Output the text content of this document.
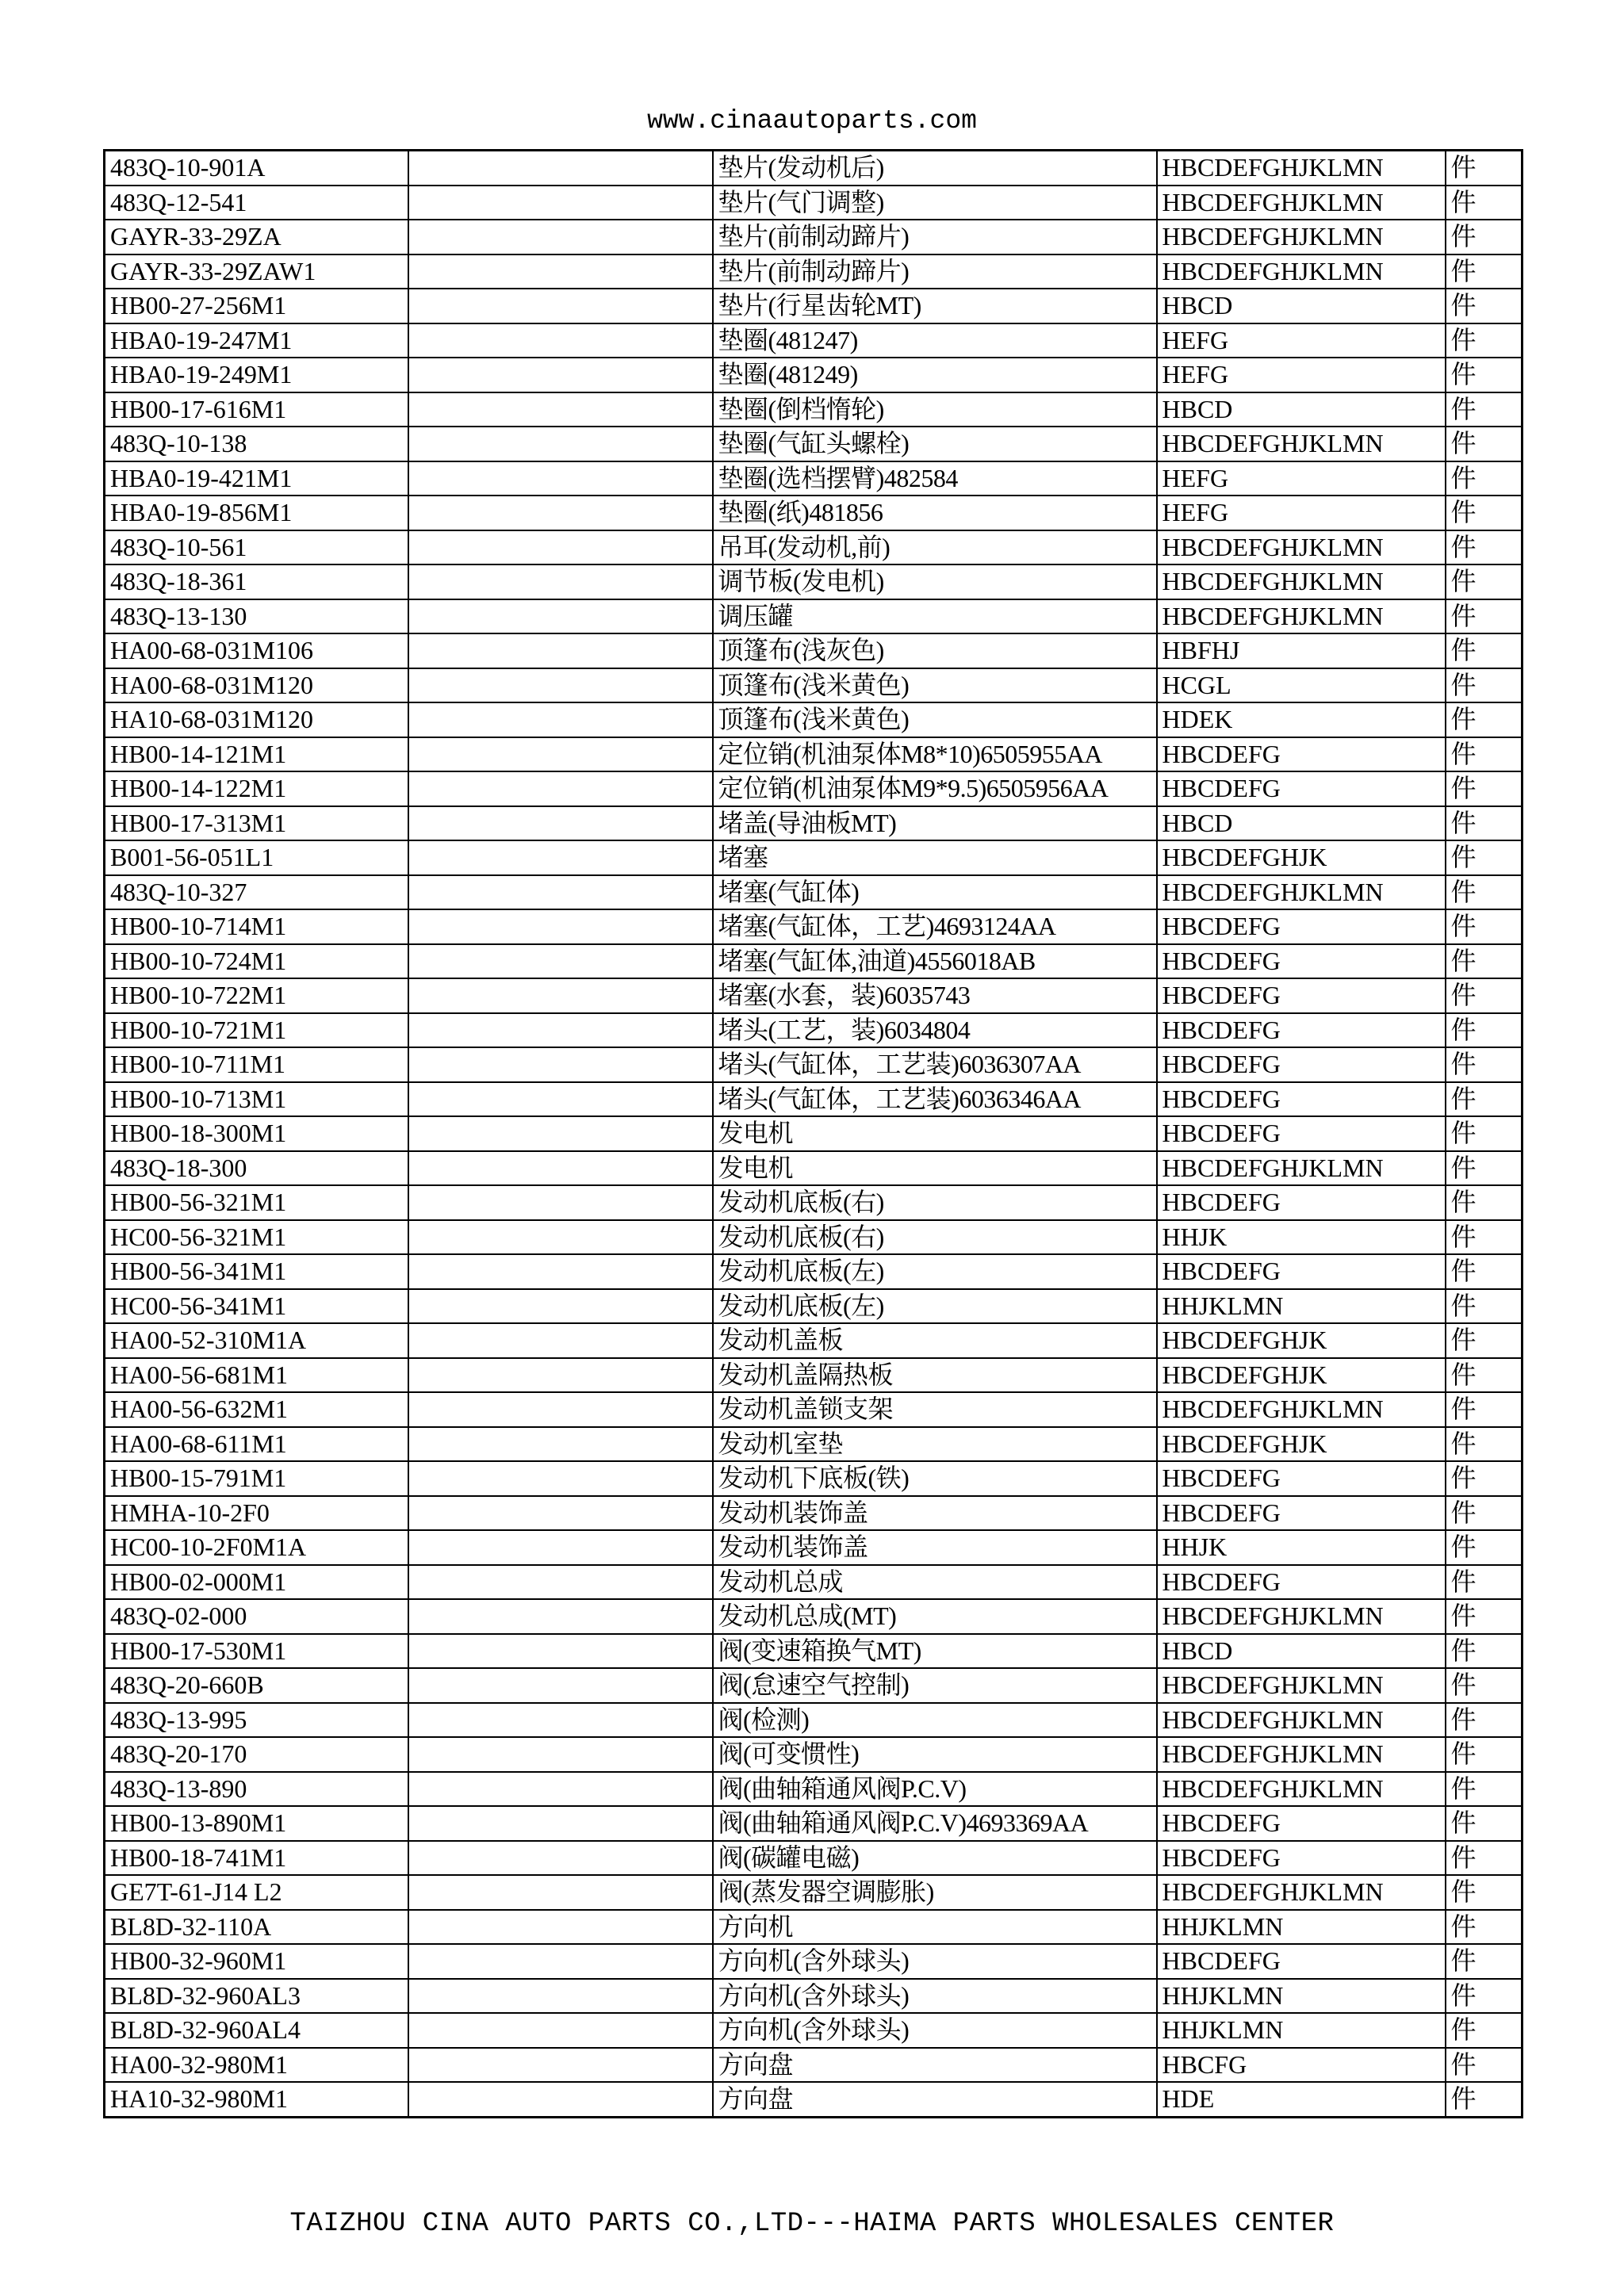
www.cinaautoparts.com
483Q-10-901A		垫片(发动机后)	HBCDEFGHJKLMN	件
483Q-12-541		垫片(气门调整)	HBCDEFGHJKLMN	件
GAYR-33-29ZA		垫片(前制动蹄片)	HBCDEFGHJKLMN	件
GAYR-33-29ZAW1		垫片(前制动蹄片)	HBCDEFGHJKLMN	件
HB00-27-256M1		垫片(行星齿轮MT)	HBCD	件
HBA0-19-247M1		垫圈(481247)	HEFG	件
HBA0-19-249M1		垫圈(481249)	HEFG	件
HB00-17-616M1		垫圈(倒档惰轮)	HBCD	件
483Q-10-138		垫圈(气缸头螺栓)	HBCDEFGHJKLMN	件
HBA0-19-421M1		垫圈(选档摆臂)482584	HEFG	件
HBA0-19-856M1		垫圈(纸)481856	HEFG	件
483Q-10-561		吊耳(发动机,前)	HBCDEFGHJKLMN	件
483Q-18-361		调节板(发电机)	HBCDEFGHJKLMN	件
483Q-13-130		调压罐	HBCDEFGHJKLMN	件
HA00-68-031M106		顶篷布(浅灰色)	HBFHJ	件
HA00-68-031M120		顶篷布(浅米黄色)	HCGL	件
HA10-68-031M120		顶篷布(浅米黄色)	HDEK	件
HB00-14-121M1		定位销(机油泵体M8*10)6505955AA	HBCDEFG	件
HB00-14-122M1		定位销(机油泵体M9*9.5)6505956AA	HBCDEFG	件
HB00-17-313M1		堵盖(导油板MT)	HBCD	件
B001-56-051L1		堵塞	HBCDEFGHJK	件
483Q-10-327		堵塞(气缸体)	HBCDEFGHJKLMN	件
HB00-10-714M1		堵塞(气缸体，工艺)4693124AA	HBCDEFG	件
HB00-10-724M1		堵塞(气缸体,油道)4556018AB	HBCDEFG	件
HB00-10-722M1		堵塞(水套，装)6035743	HBCDEFG	件
HB00-10-721M1		堵头(工艺，装)6034804	HBCDEFG	件
HB00-10-711M1		堵头(气缸体，工艺装)6036307AA	HBCDEFG	件
HB00-10-713M1		堵头(气缸体，工艺装)6036346AA	HBCDEFG	件
HB00-18-300M1		发电机	HBCDEFG	件
483Q-18-300		发电机	HBCDEFGHJKLMN	件
HB00-56-321M1		发动机底板(右)	HBCDEFG	件
HC00-56-321M1		发动机底板(右)	HHJK	件
HB00-56-341M1		发动机底板(左)	HBCDEFG	件
HC00-56-341M1		发动机底板(左)	HHJKLMN	件
HA00-52-310M1A		发动机盖板	HBCDEFGHJK	件
HA00-56-681M1		发动机盖隔热板	HBCDEFGHJK	件
HA00-56-632M1		发动机盖锁支架	HBCDEFGHJKLMN	件
HA00-68-611M1		发动机室垫	HBCDEFGHJK	件
HB00-15-791M1		发动机下底板(铁)	HBCDEFG	件
HMHA-10-2F0		发动机装饰盖	HBCDEFG	件
HC00-10-2F0M1A		发动机装饰盖	HHJK	件
HB00-02-000M1		发动机总成	HBCDEFG	件
483Q-02-000		发动机总成(MT)	HBCDEFGHJKLMN	件
HB00-17-530M1		阀(变速箱换气MT)	HBCD	件
483Q-20-660B		阀(怠速空气控制)	HBCDEFGHJKLMN	件
483Q-13-995		阀(检测)	HBCDEFGHJKLMN	件
483Q-20-170		阀(可变惯性)	HBCDEFGHJKLMN	件
483Q-13-890		阀(曲轴箱通风阀P.C.V)	HBCDEFGHJKLMN	件
HB00-13-890M1		阀(曲轴箱通风阀P.C.V)4693369AA	HBCDEFG	件
HB00-18-741M1		阀(碳罐电磁)	HBCDEFG	件
GE7T-61-J14 L2		阀(蒸发器空调膨胀)	HBCDEFGHJKLMN	件
BL8D-32-110A		方向机	HHJKLMN	件
HB00-32-960M1		方向机(含外球头)	HBCDEFG	件
BL8D-32-960AL3		方向机(含外球头)	HHJKLMN	件
BL8D-32-960AL4		方向机(含外球头)	HHJKLMN	件
HA00-32-980M1		方向盘	HBCFG	件
HA10-32-980M1		方向盘	HDE	件
TAIZHOU CINA AUTO PARTS CO.,LTD---HAIMA PARTS WHOLESALES CENTER
